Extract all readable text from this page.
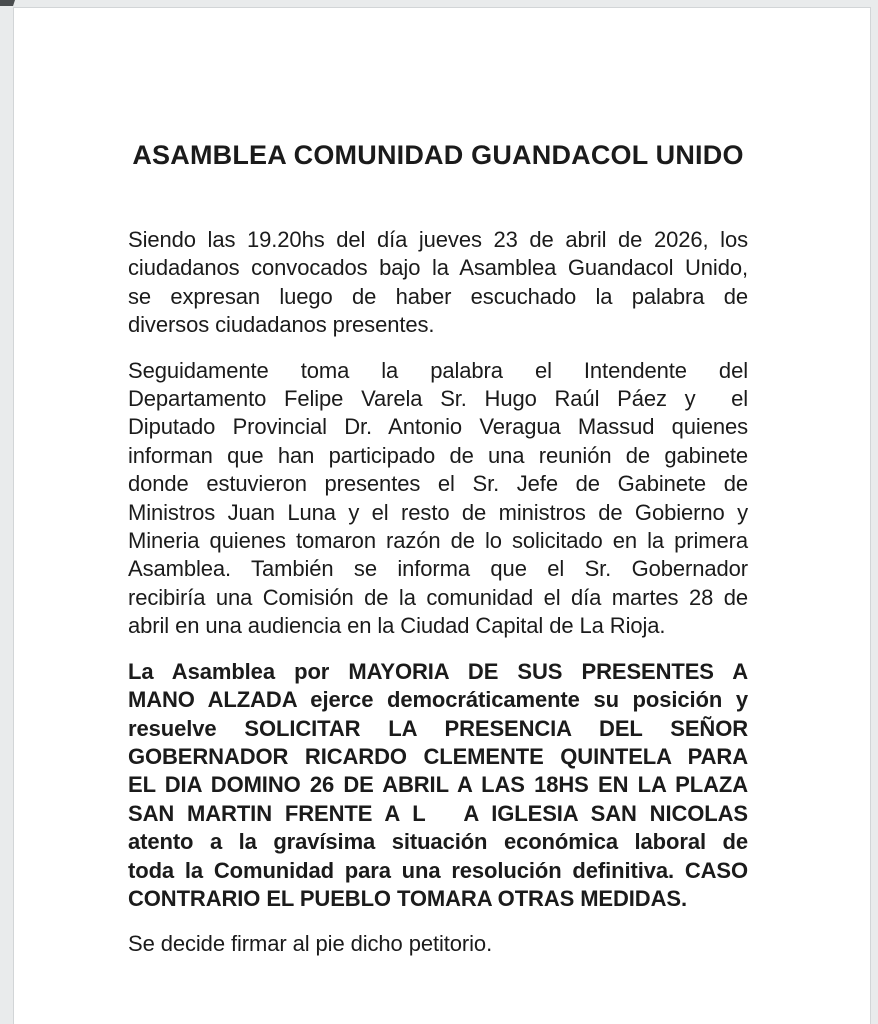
ASAMBLEA COMUNIDAD GUANDACOL UNIDO
Siendo las 19.20hs del día jueves 23 de abril de 2026, los
ciudadanos convocados bajo la Asamblea Guandacol Unido,
se expresan luego de haber escuchado la palabra de
diversos ciudadanos presentes.
Seguidamente toma la palabra el Intendente del
Departamento Felipe Varela Sr. Hugo Raúl Páez y  el
Diputado Provincial Dr. Antonio Veragua Massud quienes
informan que han participado de una reunión de gabinete
donde estuvieron presentes el Sr. Jefe de Gabinete de
Ministros Juan Luna y el resto de ministros de Gobierno y
Mineria quienes tomaron razón de lo solicitado en la primera
Asamblea. También se informa que el Sr. Gobernador
recibiría una Comisión de la comunidad el día martes 28 de
abril en una audiencia en la Ciudad Capital de La Rioja.
La Asamblea por MAYORIA DE SUS PRESENTES A
MANO ALZADA ejerce democráticamente su posición y
resuelve SOLICITAR LA PRESENCIA DEL SEÑOR
GOBERNADOR RICARDO CLEMENTE QUINTELA PARA
EL DIA DOMINO 26 DE ABRIL A LAS 18HS EN LA PLAZA
SAN MARTIN FRENTE A L   A IGLESIA SAN NICOLAS
atento a la gravísima situación económica laboral de
toda la Comunidad para una resolución definitiva. CASO
CONTRARIO EL PUEBLO TOMARA OTRAS MEDIDAS.
Se decide firmar al pie dicho petitorio.
